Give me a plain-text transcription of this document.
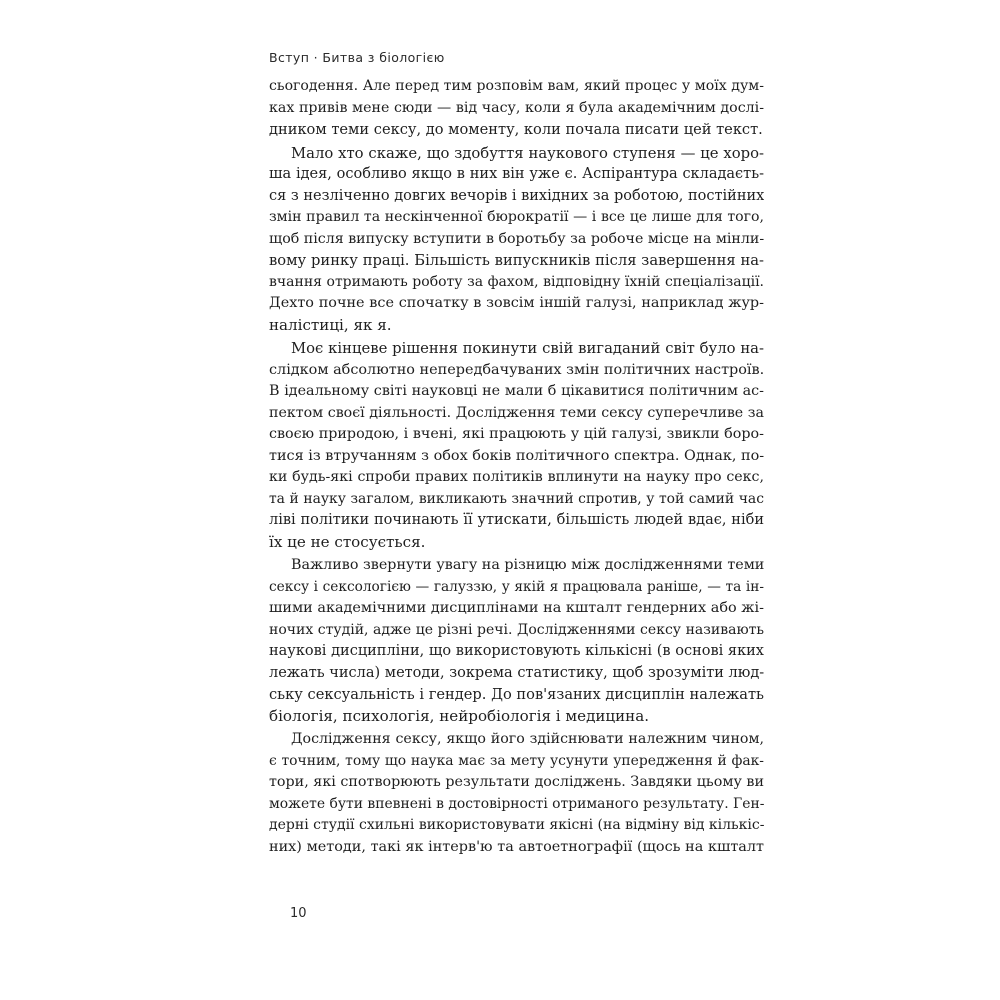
Вступ · Битва з біологією
сьогодення. Але перед тим розповім вам, який процес у моїх дум-
ках привів мене сюди — від часу, коли я була академічним дослі-
дником теми сексу, до моменту, коли почала писати цей текст.
Мало хто скаже, що здобуття наукового ступеня — це хоро-
ша ідея, особливо якщо в них він уже є. Аспірантура складаєть-
ся з незліченно довгих вечорів і вихідних за роботою, постійних
змін правил та нескінченної бюрократії — і все це лише для того,
щоб після випуску вступити в боротьбу за робоче місце на мінли-
вому ринку праці. Більшість випускників після завершення на-
вчання отримають роботу за фахом, відповідну їхній спеціалізації.
Дехто почне все спочатку в зовсім іншій галузі, наприклад жур-
налістиці, як я.
Моє кінцеве рішення покинути свій вигаданий світ було на-
слідком абсолютно непередбачуваних змін політичних настроїв.
В ідеальному світі науковці не мали б цікавитися політичним ас-
пектом своєї діяльності. Дослідження теми сексу суперечливе за
своєю природою, і вчені, які працюють у цій галузі, звикли боро-
тися із втручанням з обох боків політичного спектра. Однак, по-
ки будь-які спроби правих політиків вплинути на науку про секс,
та й науку загалом, викликають значний спротив, у той самий час
ліві політики починають її утискати, більшість людей вдає, ніби
їх це не стосується.
Важливо звернути увагу на різницю між дослідженнями теми
сексу і сексологією — галуззю, у якій я працювала раніше, — та ін-
шими академічними дисциплінами на кшталт гендерних або жі-
ночих студій, адже це різні речі. Дослідженнями сексу називають
наукові дисципліни, що використовують кількісні (в основі яких
лежать числа) методи, зокрема статистику, щоб зрозуміти люд-
ську сексуальність і гендер. До пов'язаних дисциплін належать
біологія, психологія, нейробіологія і медицина.
Дослідження сексу, якщо його здійснювати належним чином,
є точним, тому що наука має за мету усунути упередження й фак-
тори, які спотворюють результати досліджень. Завдяки цьому ви
можете бути впевнені в достовірності отриманого результату. Ген-
дерні студії схильні використовувати якісні (на відміну від кількіс-
них) методи, такі як інтерв'ю та автоетнографії (щось на кшталт
10
